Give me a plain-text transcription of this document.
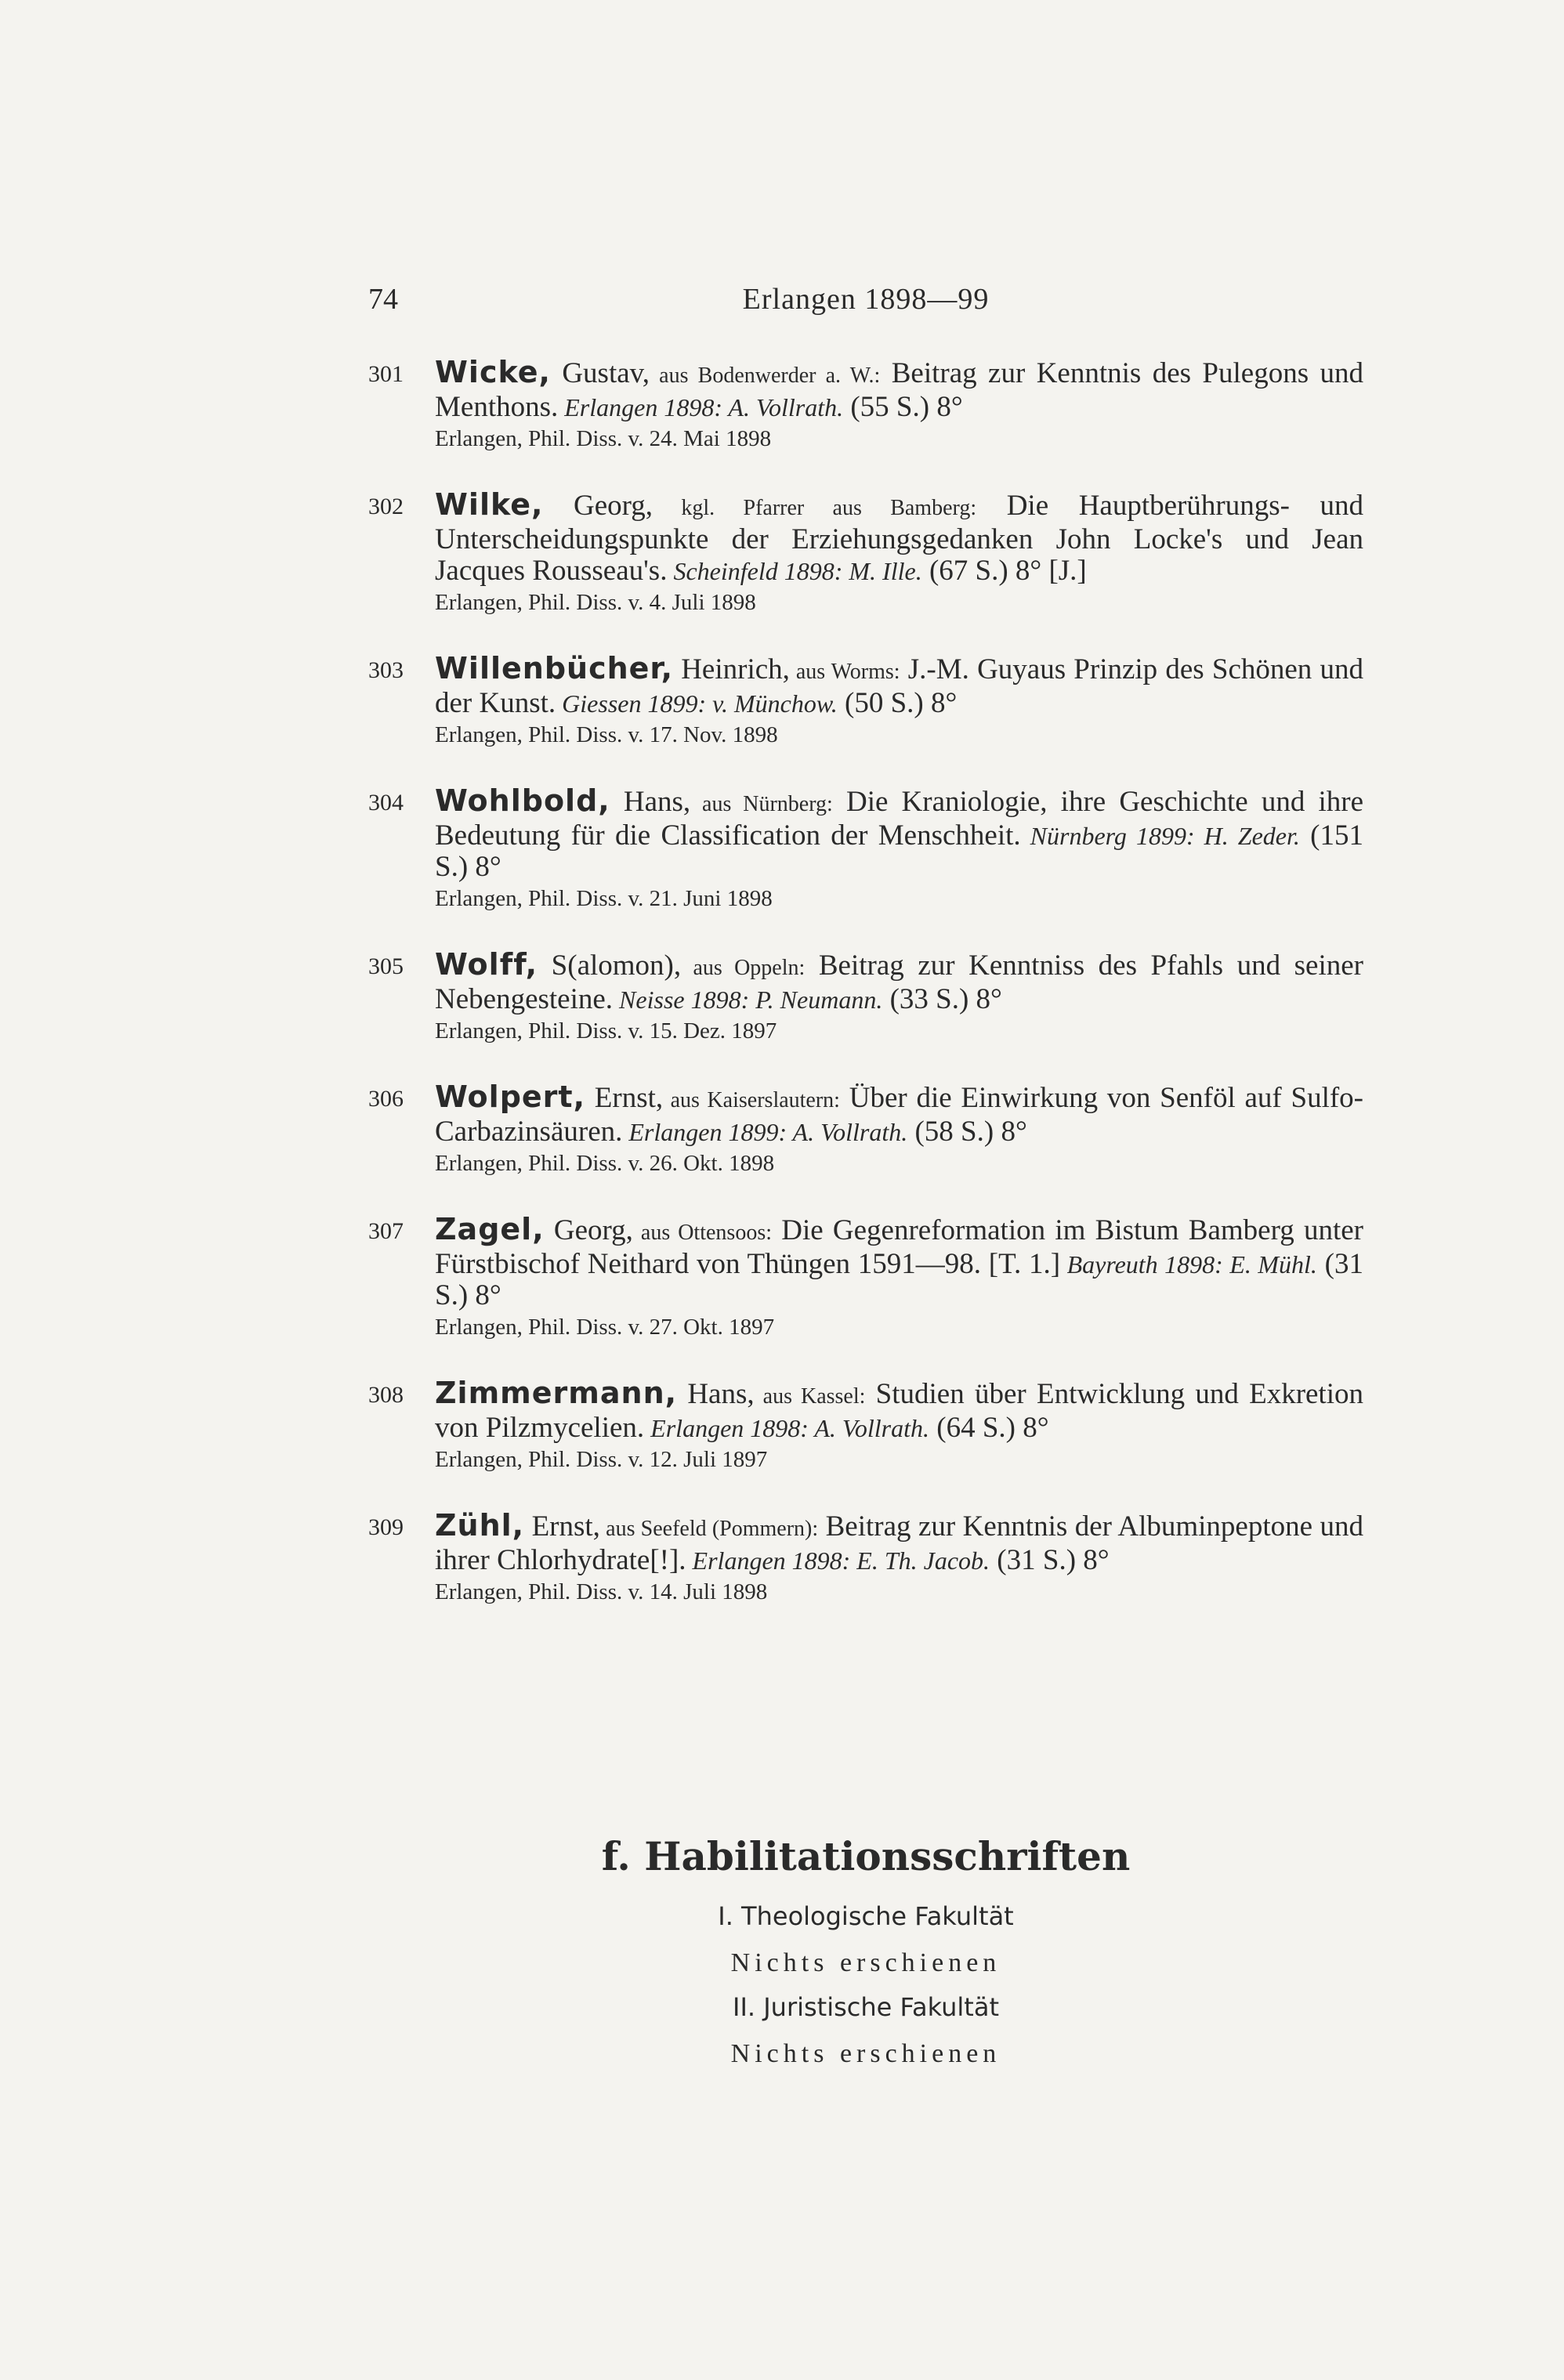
74	Erlangen 1898—99
301 Wicke, Gustav, aus Bodenwerder a. W.: Beitrag zur Kenntnis des Pulegons und Menthons. Erlangen 1898: A. Vollrath. (55 S.) 8°
Erlangen, Phil. Diss. v. 24. Mai 1898
302 Wilke, Georg, kgl. Pfarrer aus Bamberg: Die Hauptberührungs- und Unterscheidungspunkte der Erziehungsgedanken John Locke's und Jean Jacques Rousseau's. Scheinfeld 1898: M. Ille. (67 S.) 8° [J.]
Erlangen, Phil. Diss. v. 4. Juli 1898
303 Willenbücher, Heinrich, aus Worms: J.-M. Guyaus Prinzip des Schönen und der Kunst. Giessen 1899: v. Münchow. (50 S.) 8°
Erlangen, Phil. Diss. v. 17. Nov. 1898
304 Wohlbold, Hans, aus Nürnberg: Die Kraniologie, ihre Geschichte und ihre Bedeutung für die Classification der Menschheit. Nürnberg 1899: H. Zeder. (151 S.) 8°
Erlangen, Phil. Diss. v. 21. Juni 1898
305 Wolff, S(alomon), aus Oppeln: Beitrag zur Kenntniss des Pfahls und seiner Nebengesteine. Neisse 1898: P. Neumann. (33 S.) 8°
Erlangen, Phil. Diss. v. 15. Dez. 1897
306 Wolpert, Ernst, aus Kaiserslautern: Über die Einwirkung von Senföl auf Sulfo-Carbazinsäuren. Erlangen 1899: A. Vollrath. (58 S.) 8°
Erlangen, Phil. Diss. v. 26. Okt. 1898
307 Zagel, Georg, aus Ottensoos: Die Gegenreformation im Bistum Bamberg unter Fürstbischof Neithard von Thüngen 1591—98. [T. 1.] Bayreuth 1898: E. Mühl. (31 S.) 8°
Erlangen, Phil. Diss. v. 27. Okt. 1897
308 Zimmermann, Hans, aus Kassel: Studien über Entwicklung und Exkretion von Pilzmycelien. Erlangen 1898: A. Vollrath. (64 S.) 8°
Erlangen, Phil. Diss. v. 12. Juli 1897
309 Zühl, Ernst, aus Seefeld (Pommern): Beitrag zur Kenntnis der Albuminpeptone und ihrer Chlorhydrate[!]. Erlangen 1898: E. Th. Jacob. (31 S.) 8°
Erlangen, Phil. Diss. v. 14. Juli 1898
f. Habilitationsschriften
I. Theologische Fakultät
Nichts erschienen
II. Juristische Fakultät
Nichts erschienen
